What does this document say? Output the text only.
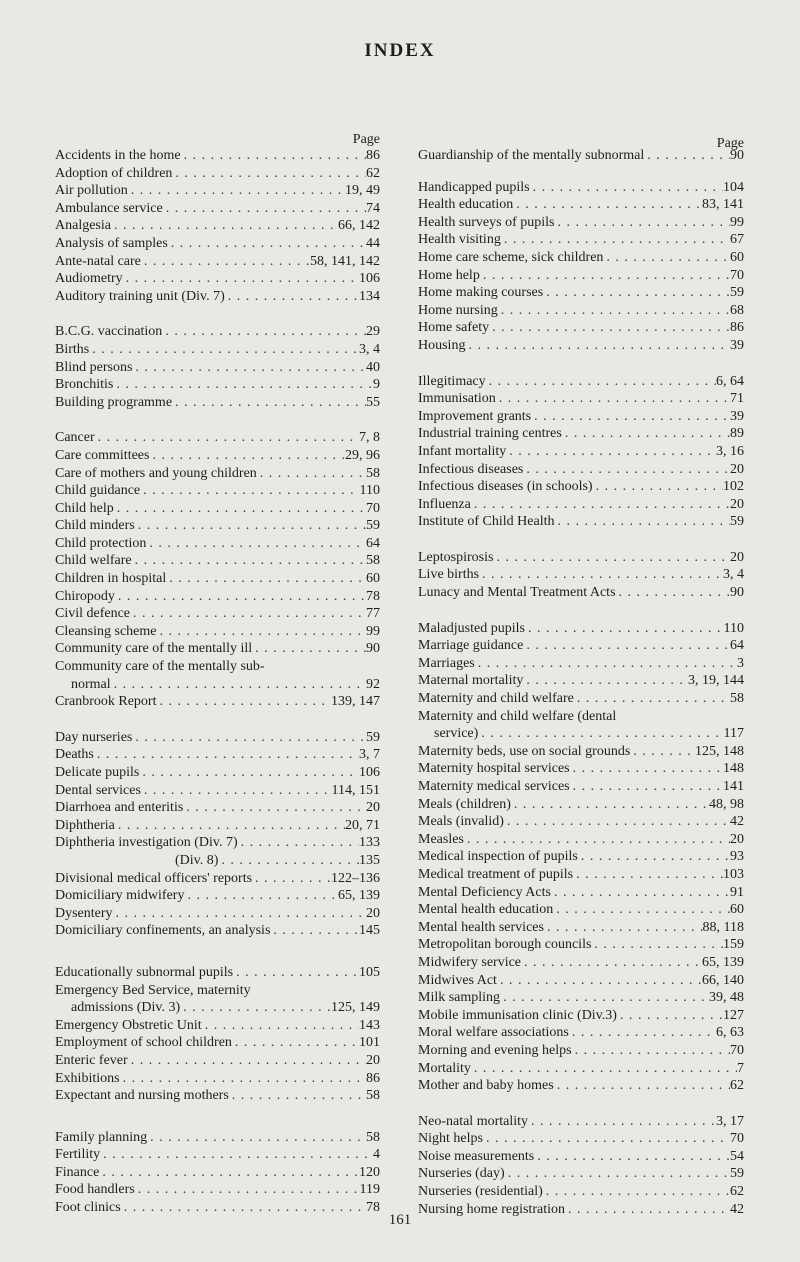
INDEX
Page
Accidents in the home . . .	86
Adoption of children . . .	62
Air pollution . . .	19, 49
Ambulance service . . .	74
Analgesia . . .	66, 142
Analysis of samples . . .	44
Ante-natal care . . .	58, 141, 142
Audiometry . . .	106
Auditory training unit (Div. 7) . . .	134
B.C.G. vaccination . . .	29
Births . . .	3, 4
Blind persons . . .	40
Bronchitis . . .	9
Building programme . . .	55
Cancer . . .	7, 8
Care committees . . .	29, 96
Care of mothers and young children . . .	58
Child guidance . . .	110
Child help . . .	70
Child minders . . .	59
Child protection . . .	64
Child welfare . . .	58
Children in hospital . . .	60
Chiropody . . .	78
Civil defence . . .	77
Cleansing scheme . . .	99
Community care of the mentally ill . . .	90
Community care of the mentally sub-
normal . . .	92
Cranbrook Report . . .	139, 147
Day nurseries . . .	59
Deaths . . .	3, 7
Delicate pupils . . .	106
Dental services . . .	114, 151
Diarrhoea and enteritis . . .	20
Diphtheria . . .	20, 71
Diphtheria investigation (Div. 7) . . .	133
(Div. 8) . . .	135
Divisional medical officers' reports . . .	122–136
Domiciliary midwifery . . .	65, 139
Dysentery . . .	20
Domiciliary confinements, an analysis . . .	145
Educationally subnormal pupils . . .	105
Emergency Bed Service, maternity
admissions (Div. 3) . . .	125, 149
Emergency Obstretic Unit . . .	143
Employment of school children . . .	101
Enteric fever . . .	20
Exhibitions . . .	86
Expectant and nursing mothers . . .	58
Family planning . . .	58
Fertility . . .	4
Finance . . .	120
Food handlers . . .	119
Foot clinics . . .	78
Page
Guardianship of the mentally subnormal . . .	90
Handicapped pupils . . .	104
Health education . . .	83, 141
Health surveys of pupils . . .	99
Health visiting . . .	67
Home care scheme, sick children . . .	60
Home help . . .	70
Home making courses . . .	59
Home nursing . . .	68
Home safety . . .	86
Housing . . .	39
Illegitimacy . . .	6, 64
Immunisation . . .	71
Improvement grants . . .	39
Industrial training centres . . .	89
Infant mortality . . .	3, 16
Infectious diseases . . .	20
Infectious diseases (in schools) . . .	102
Influenza . . .	20
Institute of Child Health . . .	59
Leptospirosis . . .	20
Live births . . .	3, 4
Lunacy and Mental Treatment Acts . . .	90
Maladjusted pupils . . .	110
Marriage guidance . . .	64
Marriages . . .	3
Maternal mortality . . .	3, 19, 144
Maternity and child welfare . . .	58
Maternity and child welfare (dental
service) . . .	117
Maternity beds, use on social grounds . . .	125, 148
Maternity hospital services . . .	148
Maternity medical services . . .	141
Meals (children) . . .	48, 98
Meals (invalid) . . .	42
Measles . . .	20
Medical inspection of pupils . . .	93
Medical treatment of pupils . . .	103
Mental Deficiency Acts . . .	91
Mental health education . . .	60
Mental health services . . .	88, 118
Metropolitan borough councils . . .	159
Midwifery service . . .	65, 139
Midwives Act . . .	66, 140
Milk sampling . . .	39, 48
Mobile immunisation clinic (Div.3) . . .	127
Moral welfare associations . . .	6, 63
Morning and evening helps . . .	70
Mortality . . .	7
Mother and baby homes . . .	62
Neo-natal mortality . . .	3, 17
Night helps . . .	70
Noise measurements . . .	54
Nurseries (day) . . .	59
Nurseries (residential) . . .	62
Nursing home registration . . .	42
161
